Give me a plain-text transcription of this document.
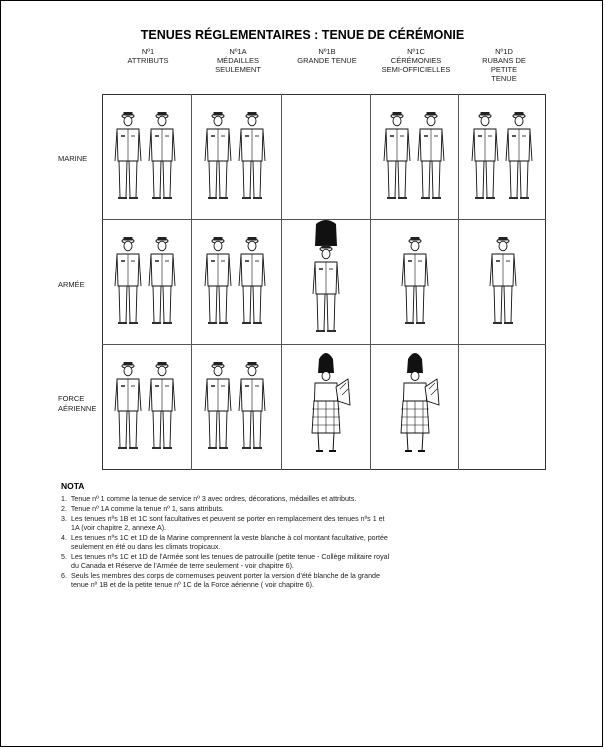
TENUES RÉGLEMENTAIRES : TENUE DE CÉRÉMONIE
Nº1
ATTRIBUTS
Nº1A
MÉDAILLES SEULEMENT
Nº1B
GRANDE TENUE
Nº1C
CÉRÉMONIES SEMI-OFFICIELLES
Nº1D
RUBANS DE PETITE TENUE
MARINE
ARMÉE
FORCE AÉRIENNE
NOTA
1. Tenue nº 1 comme la tenue de service nº 3 avec ordres, décorations, médailles et attributs.
2. Tenue nº 1A comme la tenue nº 1, sans attributs.
3. Les tenues nºs 1B et 1C sont facultatives et peuvent se porter en remplacement des tenues nºs 1 et 1A (voir chapitre 2, annexe A).
4. Les tenues nºs 1C et 1D de la Marine comprennent la veste blanche à col montant facultative, portée seulement en été ou dans les climats tropicaux.
5. Les tenues nºs 1C et 1D de l'Armée sont les tenues de patrouille (petite tenue - Collège militaire royal du Canada et Réserve de l'Armée de terre seulement - voir chapitre 6).
6. Seuls les membres des corps de cornemuses peuvent porter la version d'été blanche de la grande tenue nº 1B et de la petite tenue nº 1C de la Force aérienne ( voir chapitre 6).
